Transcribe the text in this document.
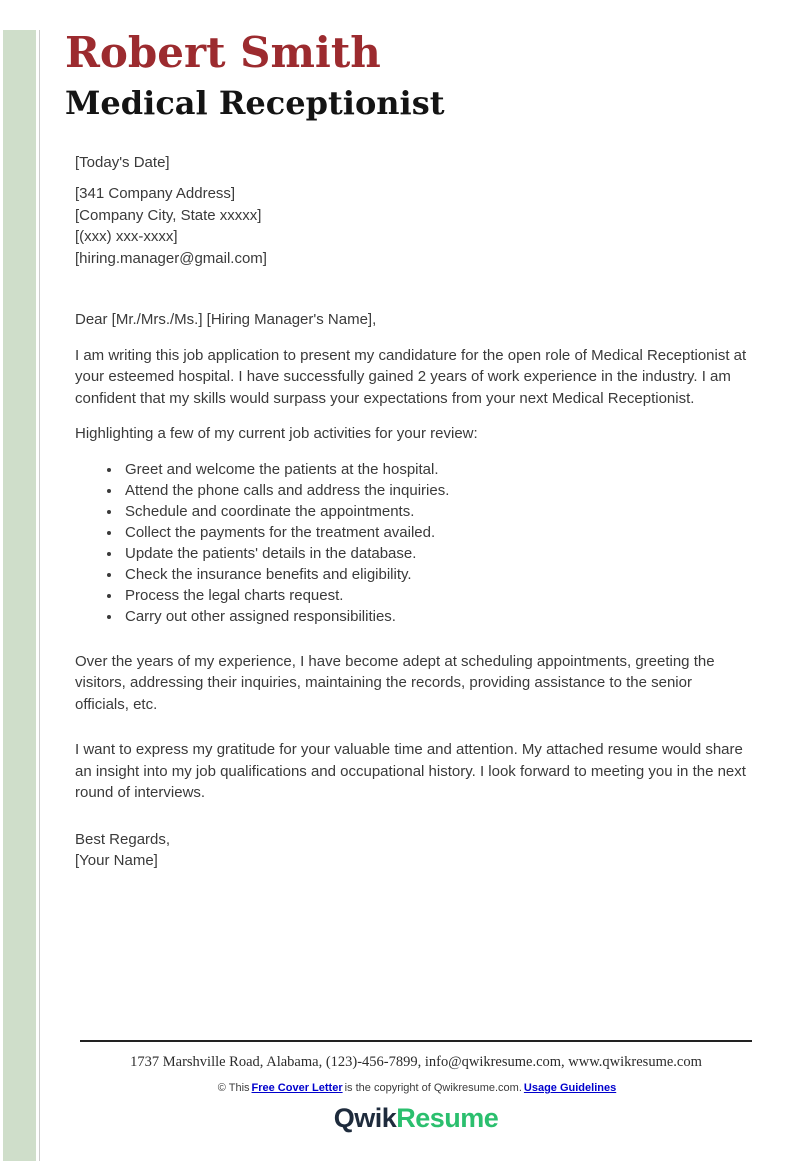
Robert Smith
Medical Receptionist

[Today's Date]

[341 Company Address]

[Company City, State xxxxx]

[(xxx) xxx-xxxx]

[hiring.manager@gmail.com]

Dear [Mr./Mrs./Ms.] [Hiring Manager's Name],

I am writing this job application to present my candidature for the open role of Medical Receptionist at your esteemed hospital. I have successfully gained 2 years of work experience in the industry. I am confident that my skills would surpass your expectations from your next Medical Receptionist.

Highlighting a few of my current job activities for your review:

• Greet and welcome the patients at the hospital.
• Attend the phone calls and address the inquiries.
• Schedule and coordinate the appointments.
• Collect the payments for the treatment availed.
• Update the patients' details in the database.
• Check the insurance benefits and eligibility.
• Process the legal charts request.
• Carry out other assigned responsibilities.

Over the years of my experience, I have become adept at scheduling appointments, greeting the visitors, addressing their inquiries, maintaining the records, providing assistance to the senior officials, etc.

I want to express my gratitude for your valuable time and attention. My attached resume would share an insight into my job qualifications and occupational history. I look forward to meeting you in the next round of interviews.

Best Regards,

[Your Name]

1737 Marshville Road, Alabama, (123)-456-7899, info@qwikresume.com, www.qwikresume.com

© This Free Cover Letter is the copyright of Qwikresume.com. Usage Guidelines

QwikResume
